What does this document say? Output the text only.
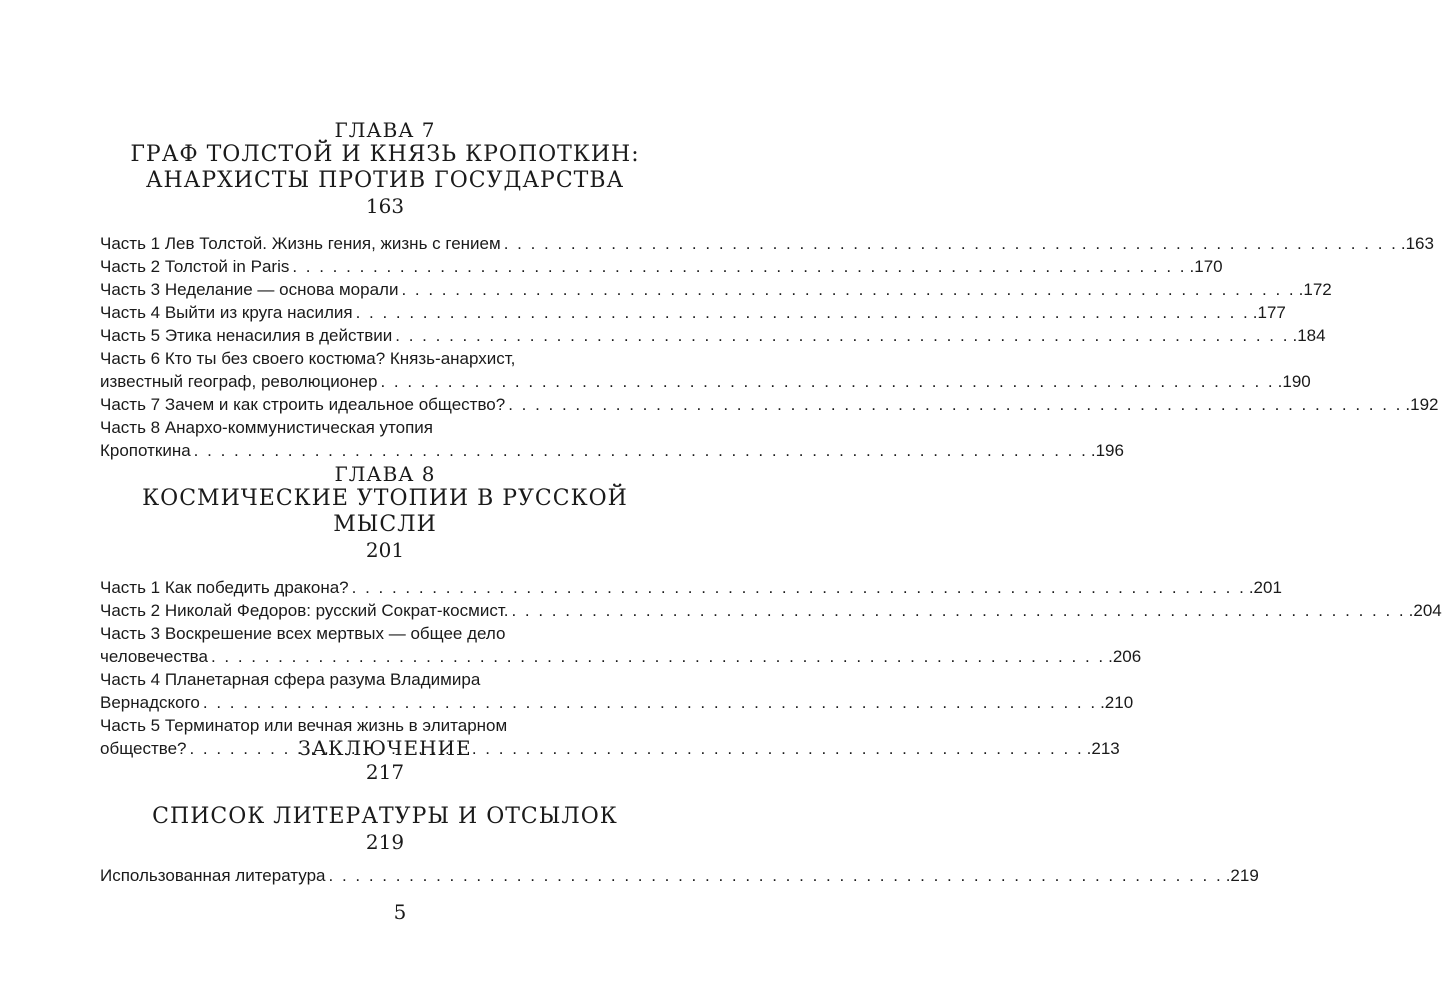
ГЛАВА 7
ГРАФ ТОЛСТОЙ И КНЯЗЬ КРОПОТКИН:
АНАРХИСТЫ ПРОТИВ ГОСУДАРСТВА
163
Часть 1 Лев Толстой. Жизнь гения, жизнь с гением . . .	.163
Часть 2 Толстой in Paris . . .	.170
Часть 3 Неделание — основа морали . . .	.172
Часть 4 Выйти из круга насилия . . .	.177
Часть 5 Этика ненасилия в действии . . .	.184
Часть 6 Кто ты без своего костюма? Князь-анархист,
известный географ, революционер . . .	.190
Часть 7 Зачем и как строить идеальное общество? . . .	.192
Часть 8 Анархо-коммунистическая утопия
Кропоткина . . .	.196
ГЛАВА 8
КОСМИЧЕСКИЕ УТОПИИ В РУССКОЙ МЫСЛИ
201
Часть 1 Как победить дракона? . . .	.201
Часть 2 Николай Федоров: русский Сократ-космист. . . .	.204
Часть 3 Воскрешение всех мертвых — общее дело
человечества . . .	.206
Часть 4 Планетарная сфера разума Владимира
Вернадского . . .	.210
Часть 5 Терминатор или вечная жизнь в элитарном
обществе? . . .	.213
ЗАКЛЮЧЕНИЕ
217
СПИСОК ЛИТЕРАТУРЫ И ОТСЫЛОК
219
Использованная литература . . .	.219
5
